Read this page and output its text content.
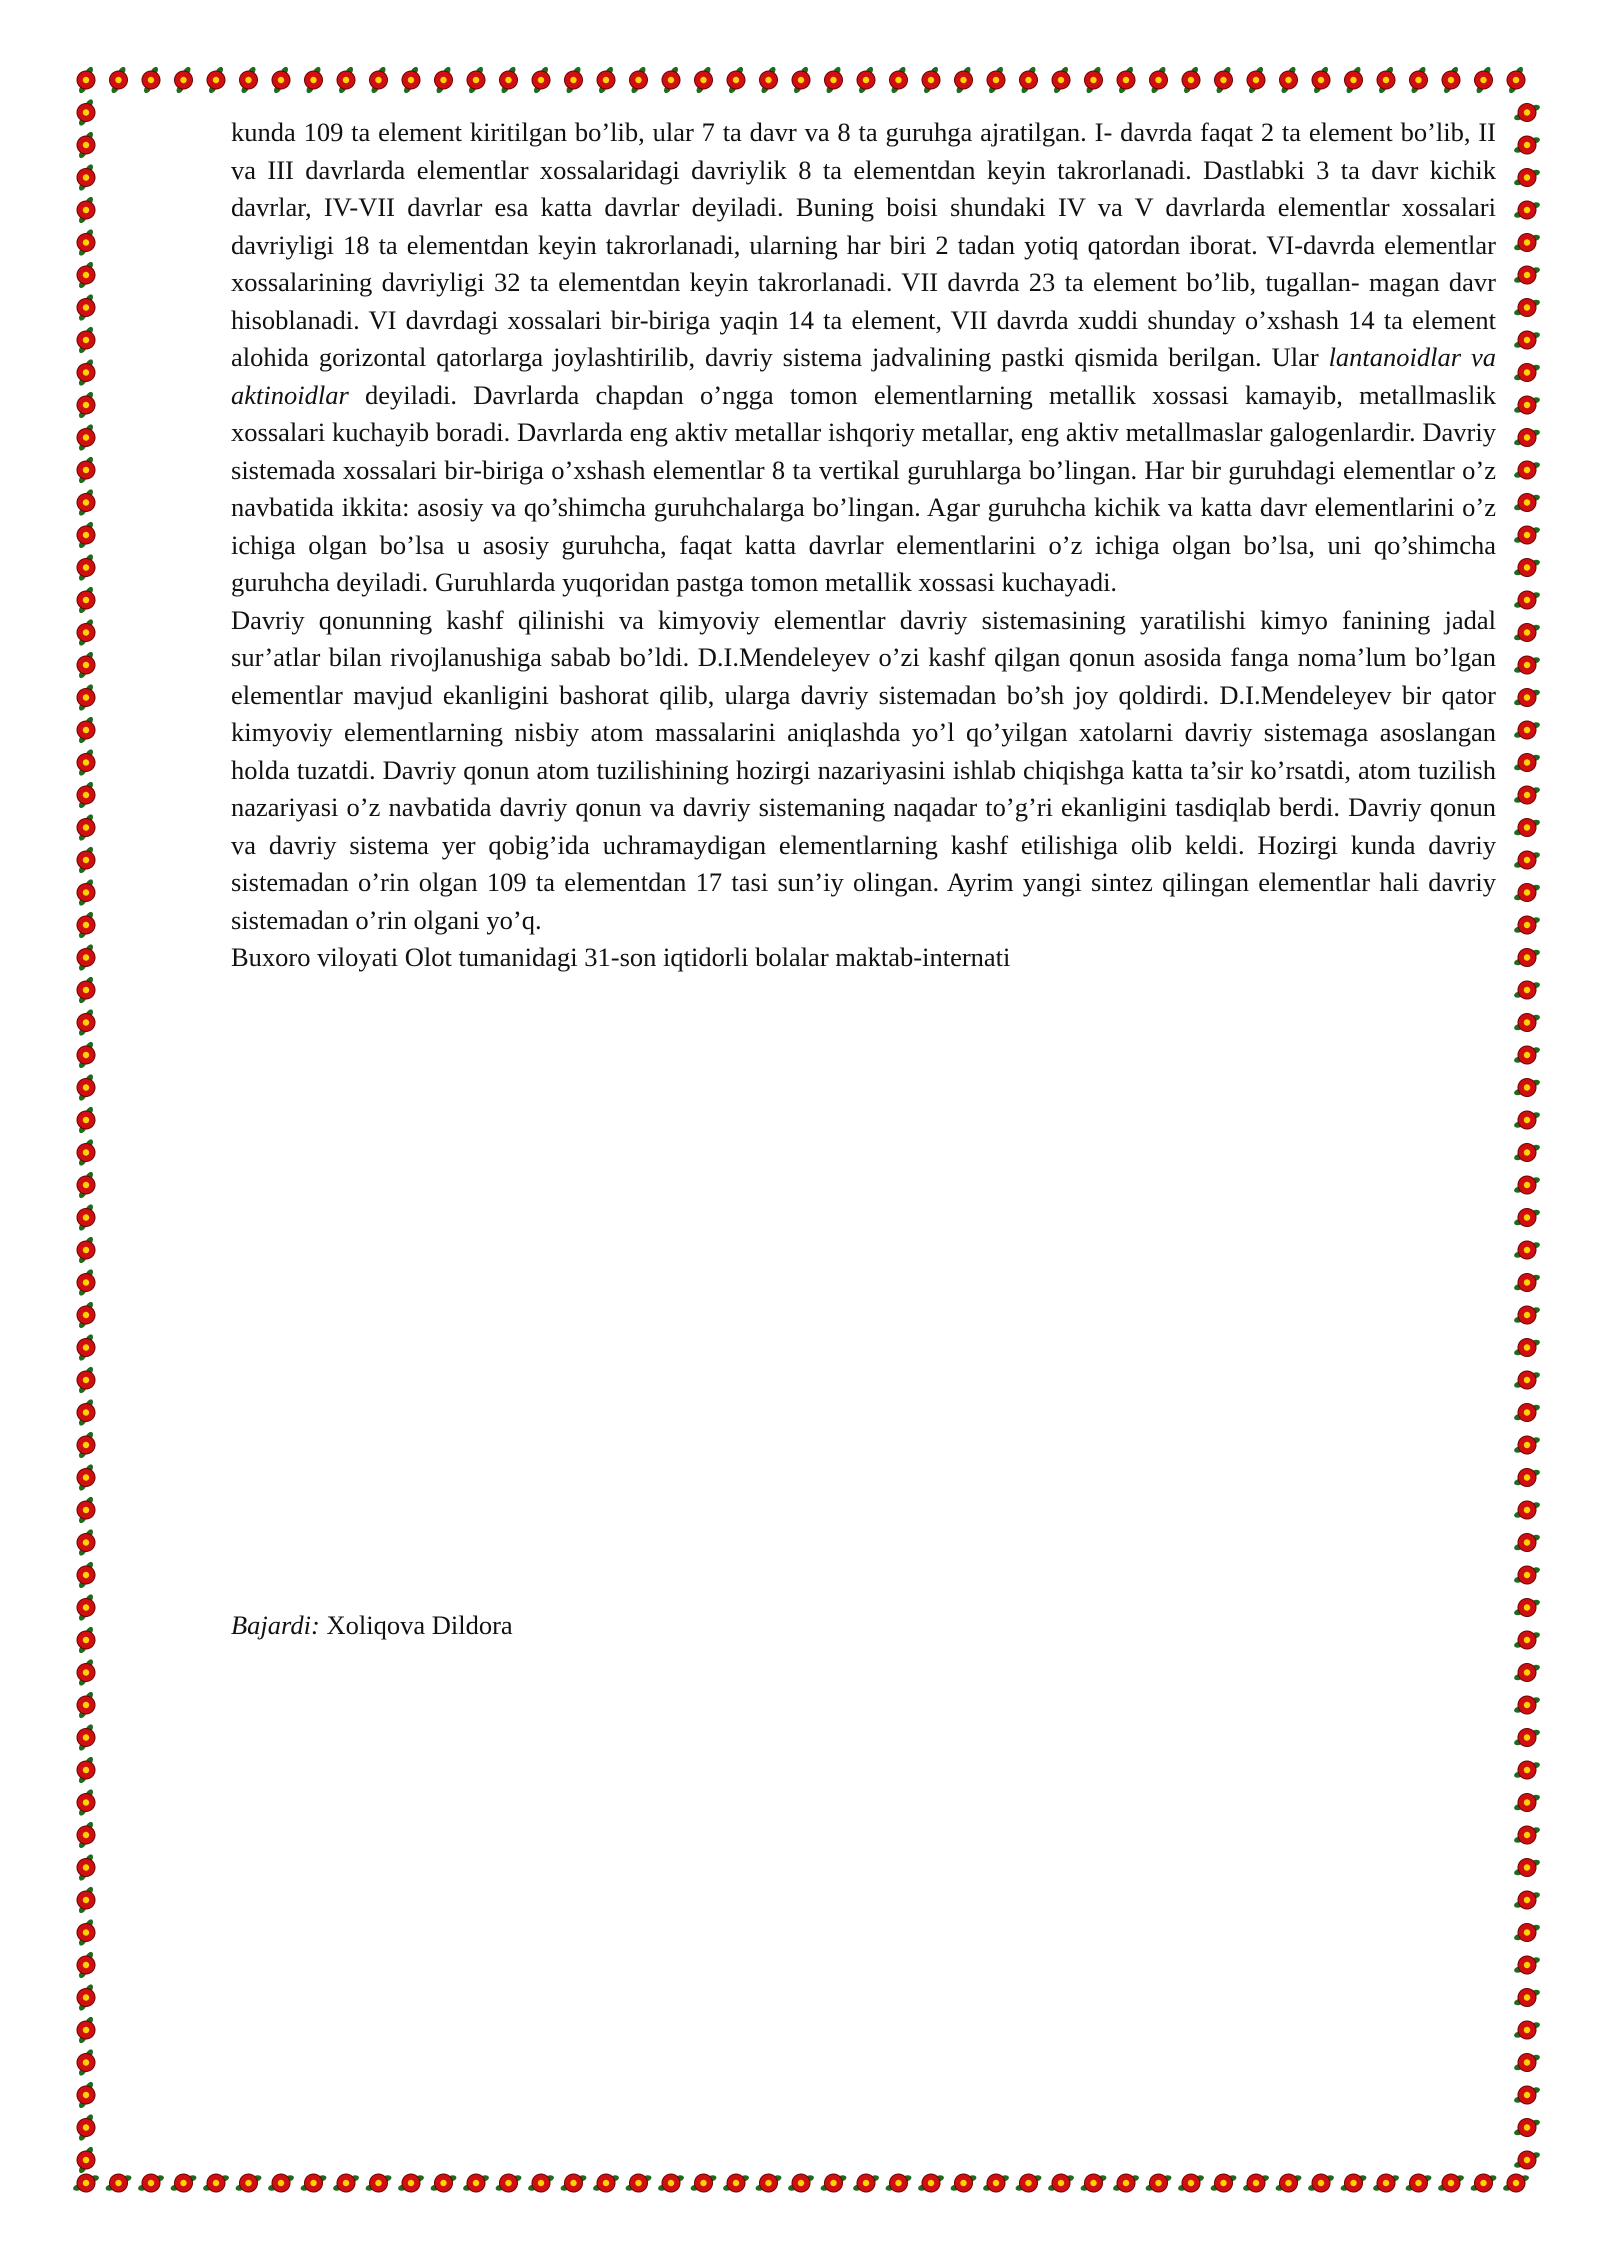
kunda 109 ta element kiritilgan bo’lib, ular 7 ta davr va 8 ta guruhga ajratilgan. I- davrda faqat 2 ta element bo’lib, II va III davrlarda elementlar xossalaridagi davriylik 8 ta elementdan keyin takrorlanadi. Dastlabki 3 ta davr kichik davrlar, IV-VII davrlar esa katta davrlar deyiladi. Buning boisi shundaki IV va V davrlarda elementlar xossalari davriyligi 18 ta elementdan keyin takrorlanadi, ularning har biri 2 tadan yotiq qatordan iborat. VI-davrda elementlar xossalarining davriyligi 32 ta elementdan keyin takrorlanadi. VII davrda 23 ta element bo’lib, tugallan- magan davr hisoblanadi. VI davrdagi xossalari bir-biriga yaqin 14 ta element, VII davrda xuddi shunday o’xshash 14 ta element alohida gorizontal qatorlarga joylashtirilib, davriy sistema jadvalining pastki qismida berilgan. Ular lantanoidlar va aktinoidlar deyiladi. Davrlarda chapdan o’ngga tomon elementlarning metallik xossasi kamayib, metallmaslik xossalari kuchayib boradi. Davrlarda eng aktiv metallar ishqoriy metallar, eng aktiv metallmaslar galogenlardir. Davriy sistemada xossalari bir-biriga o’xshash elementlar 8 ta vertikal guruhlarga bo’lingan. Har bir guruhdagi elementlar o’z navbatida ikkita: asosiy va qo’shimcha guruhchalarga bo’lingan. Agar guruhcha kichik va katta davr elementlarini o’z ichiga olgan bo’lsa u asosiy guruhcha, faqat katta davrlar elementlarini o’z ichiga olgan bo’lsa, uni qo’shimcha guruhcha deyiladi. Guruhlarda yuqoridan pastga tomon metallik xossasi kuchayadi.

Davriy qonunning kashf qilinishi va kimyoviy elementlar davriy sistemasining yaratilishi kimyo fanining jadal sur’atlar bilan rivojlanushiga sabab bo’ldi. D.I.Mendeleyev o’zi kashf qilgan qonun asosida fanga noma’lum bo’lgan elementlar mavjud ekanligini bashorat qilib, ularga davriy sistemadan bo’sh joy qoldirdi. D.I.Mendeleyev bir qator kimyoviy elementlarning nisbiy atom massalarini aniqlashda yo’l qo’yilgan xatolarni davriy sistemaga asoslangan holda tuzatdi. Davriy qonun atom tuzilishining hozirgi nazariyasini ishlab chiqishga katta ta’sir ko’rsatdi, atom tuzilish nazariyasi o’z navbatida davriy qonun va davriy sistemaning naqadar to’g’ri ekanligini tasdiqlab berdi. Davriy qonun va davriy sistema yer qobig’ida uchramaydigan elementlarning kashf etilishiga olib keldi. Hozirgi kunda davriy sistemadan o’rin olgan 109 ta elementdan 17 tasi sun’iy olingan. Ayrim yangi sintez qilingan elementlar hali davriy sistemadan o’rin olgani yo’q.

Buxoro viloyati Olot tumanidagi 31-son iqtidorli bolalar maktab-internati

Bajardi: Xoliqova Dildora
